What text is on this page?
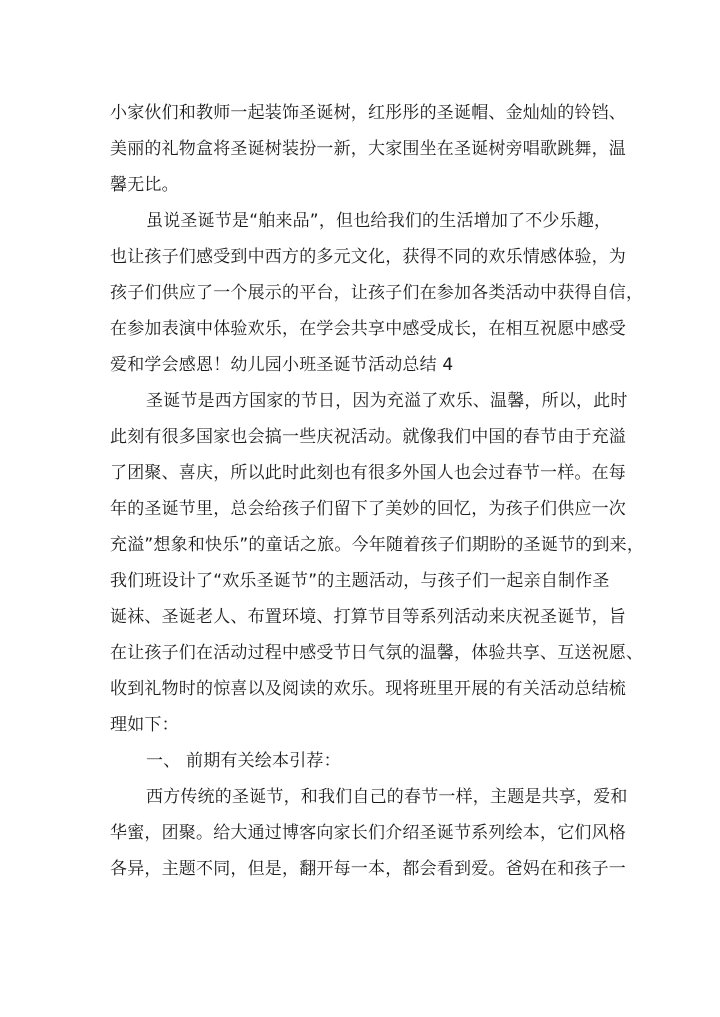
小家伙们和教师一起装饰圣诞树，红彤彤的圣诞帽、金灿灿的铃铛、
美丽的礼物盒将圣诞树装扮一新，大家围坐在圣诞树旁唱歌跳舞，温
馨无比。
虽说圣诞节是“舶来品”，但也给我们的生活增加了不少乐趣，
也让孩子们感受到中西方的多元文化，获得不同的欢乐情感体验，为
孩子们供应了一个展示的平台，让孩子们在参加各类活动中获得自信，
在参加表演中体验欢乐，在学会共享中感受成长，在相互祝愿中感受
爱和学会感恩！幼儿园小班圣诞节活动总结 4
圣诞节是西方国家的节日，因为充溢了欢乐、温馨，所以，此时
此刻有很多国家也会搞一些庆祝活动。就像我们中国的春节由于充溢
了团聚、喜庆，所以此时此刻也有很多外国人也会过春节一样。在每
年的圣诞节里，总会给孩子们留下了美妙的回忆，为孩子们供应一次
充溢”想象和快乐”的童话之旅。今年随着孩子们期盼的圣诞节的到来，
我们班设计了“欢乐圣诞节”的主题活动，与孩子们一起亲自制作圣
诞袜、圣诞老人、布置环境、打算节目等系列活动来庆祝圣诞节，旨
在让孩子们在活动过程中感受节日气氛的温馨，体验共享、互送祝愿、
收到礼物时的惊喜以及阅读的欢乐。现将班里开展的有关活动总结梳
理如下：
一、 前期有关绘本引荐：
西方传统的圣诞节，和我们自己的春节一样，主题是共享，爱和
华蜜，团聚。给大通过博客向家长们介绍圣诞节系列绘本，它们风格
各异，主题不同，但是，翻开每一本，都会看到爱。爸妈在和孩子一
